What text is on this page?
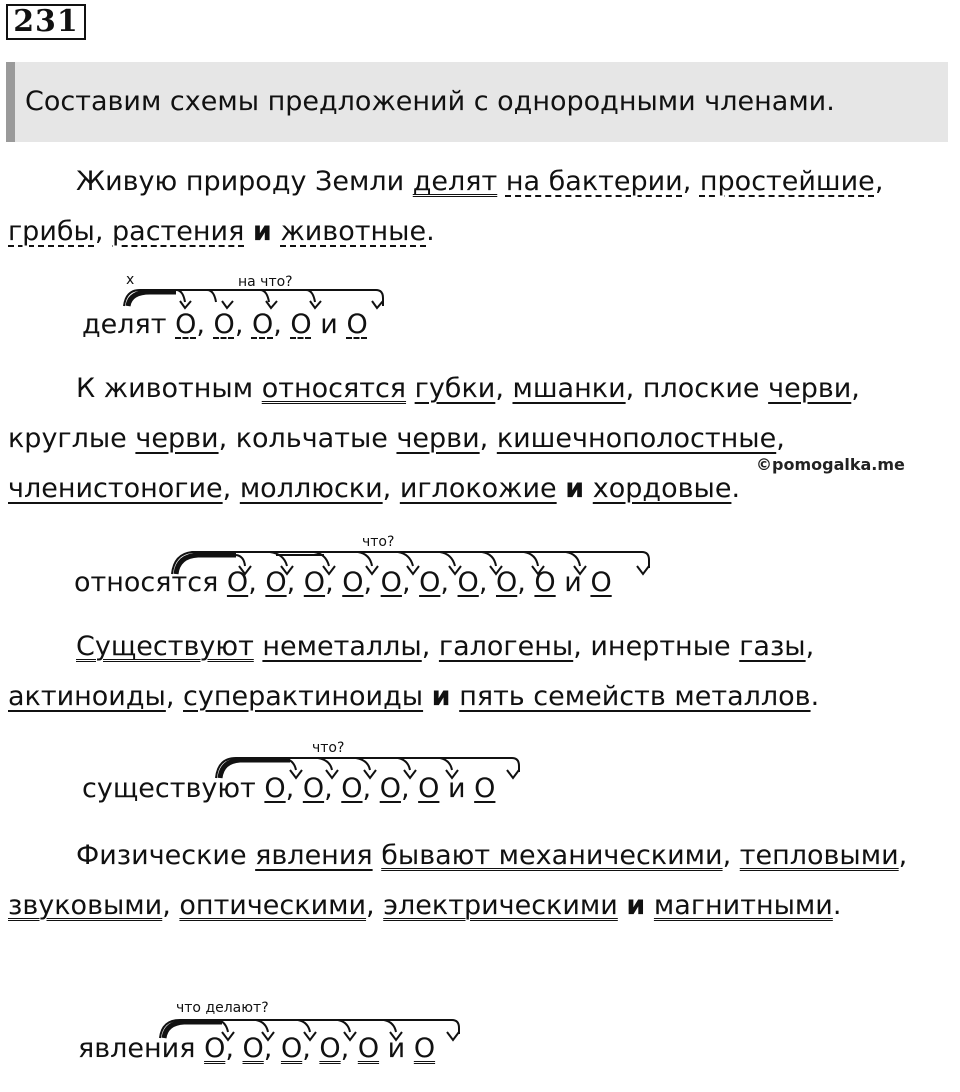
231
Составим схемы предложений с однородными членами.

Живую природу Земли делят на бактерии, простейшие, грибы, растения и животные.

х	на что?
делят О, О, О, О и О

К животным относятся губки, мшанки, плоские черви, круглые черви, кольчатые черви, кишечнополостные, членистоногие, моллюски, иглокожие и хордовые.

©pomogalka.me
что?
относятся О, О, О, О, О, О, О, О, О и О

Существуют неметаллы, галогены, инертные газы, актиноиды, суперактиноиды и пять семейств металлов.

что?
существуют О, О, О, О, О и О

Физические явления бывают механическими, тепловыми, звуковыми, оптическими, электрическими и магнитными.

что делают?
явления О, О, О, О, О и О
